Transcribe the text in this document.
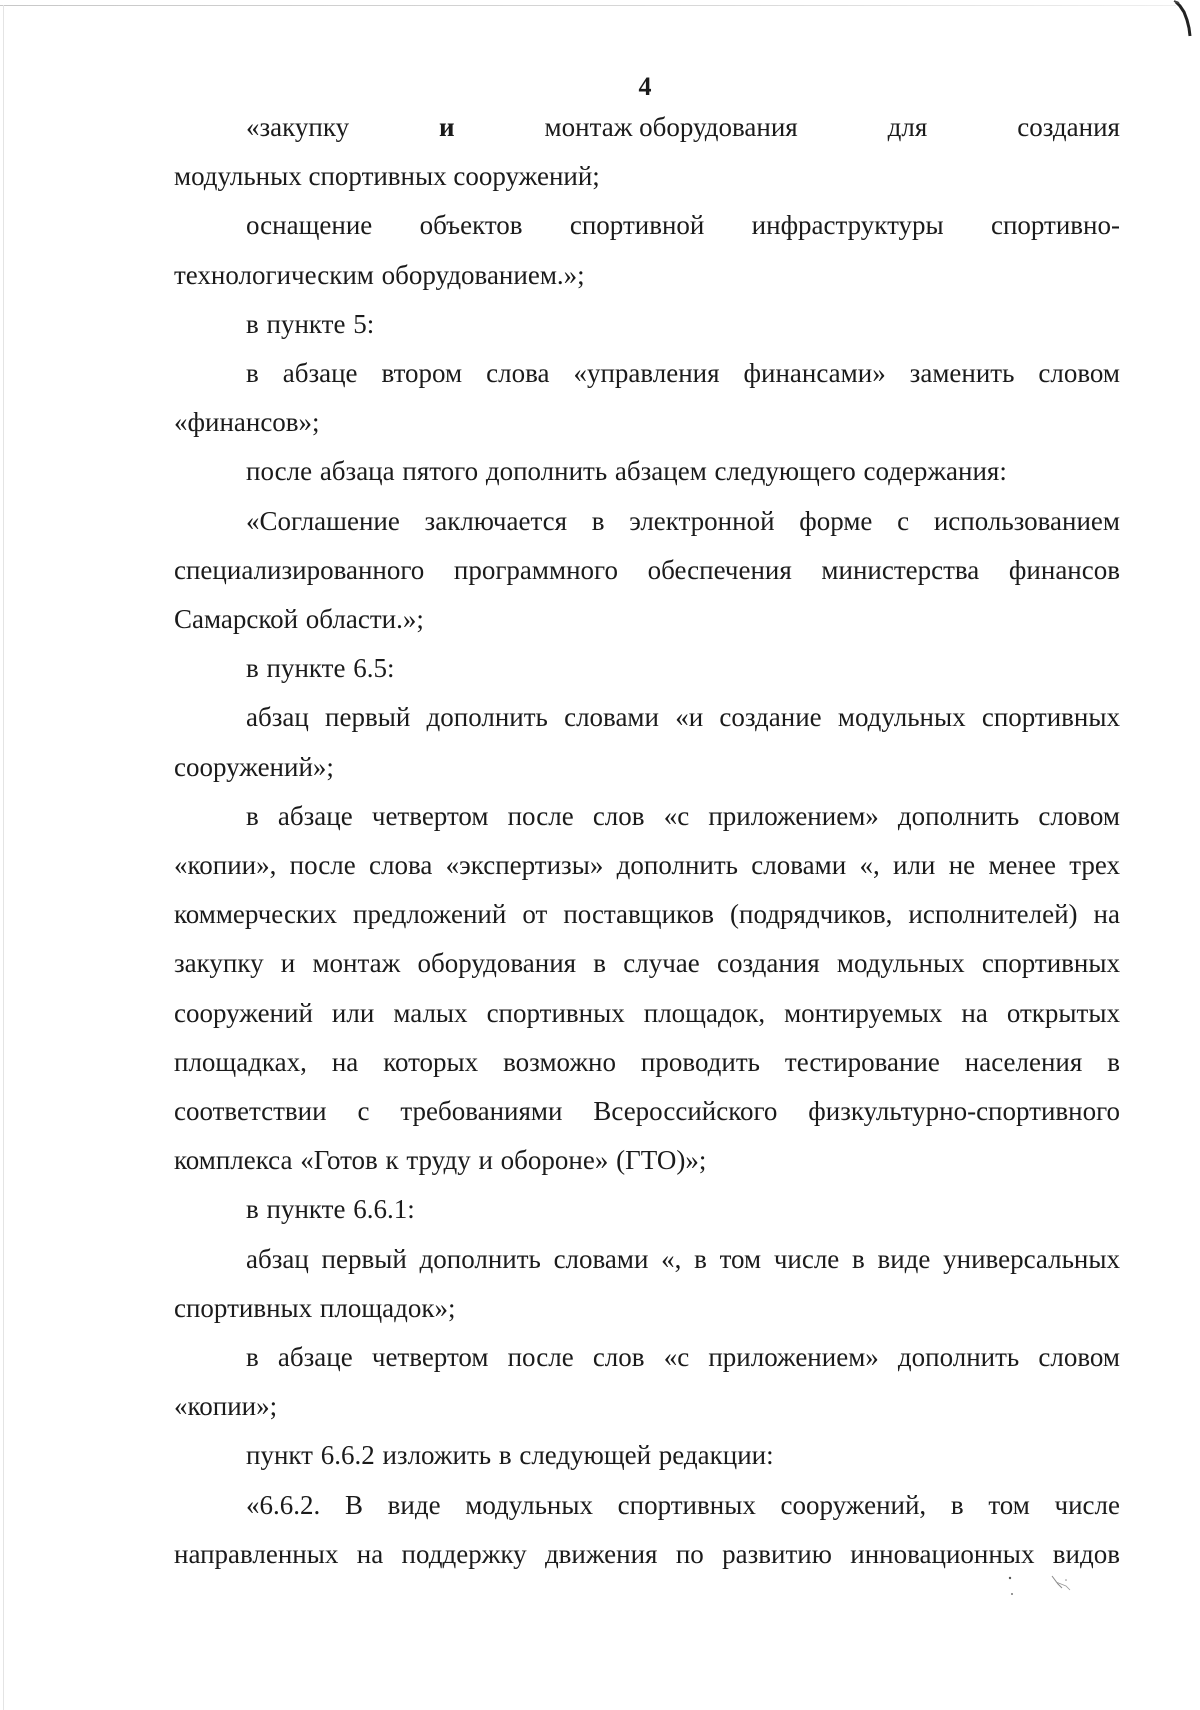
4
«закупку	и	монтаж оборудования	для	создания

модульных спортивных сооружений;

оснащение объектов спортивной инфраструктуры спортивно-технологическим оборудованием.»;

в пункте 5:

в абзаце втором слова «управления финансами» заменить словом «финансов»;

после абзаца пятого дополнить абзацем следующего содержания:

«Соглашение заключается в электронной форме с использованием специализированного программного обеспечения министерства финансов Самарской области.»;

в пункте 6.5:

абзац первый дополнить словами «и создание модульных спортивных сооружений»;

в абзаце четвертом после слов «с приложением» дополнить словом «копии», после слова «экспертизы» дополнить словами «, или не менее трех коммерческих предложений от поставщиков (подрядчиков, исполнителей) на закупку и монтаж оборудования в случае создания модульных спортивных сооружений или малых спортивных площадок, монтируемых на открытых площадках, на которых возможно проводить тестирование населения в соответствии с требованиями Всероссийского физкультурно-спортивного комплекса «Готов к труду и обороне» (ГТО)»;

в пункте 6.6.1:

абзац первый дополнить словами «, в том числе в виде универсальных спортивных площадок»;

в абзаце четвертом после слов «с приложением» дополнить словом «копии»;

пункт 6.6.2 изложить в следующей редакции:

«6.6.2. В виде модульных спортивных сооружений, в том числе направленных на поддержку движения по развитию инновационных видов
